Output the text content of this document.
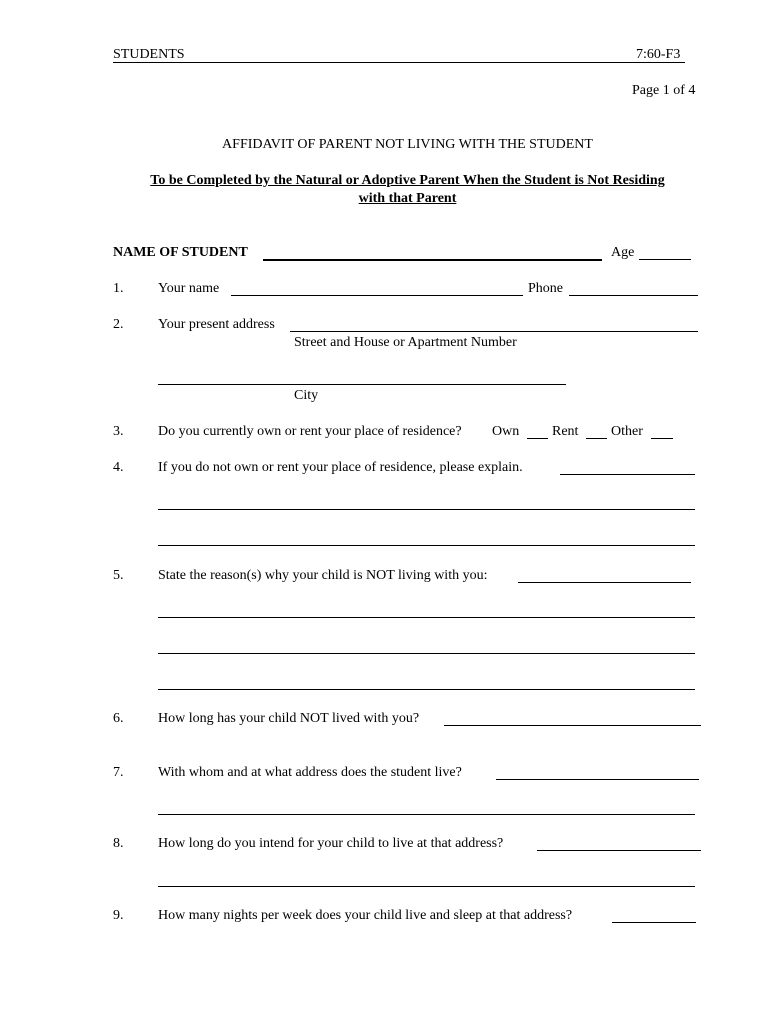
STUDENTS	7:60-F3
Page 1 of 4
AFFIDAVIT OF PARENT NOT LIVING WITH THE STUDENT
To be Completed by the Natural or Adoptive Parent When the Student is Not Residing
with that Parent
NAME OF STUDENT	Age
1. Your name	Phone
2. Your present address
Street and House or Apartment Number
City
3. Do you currently own or rent your place of residence? Own Rent Other
4. If you do not own or rent your place of residence, please explain.
5. State the reason(s) why your child is NOT living with you:
6. How long has your child NOT lived with you?
7. With whom and at what address does the student live?
8. How long do you intend for your child to live at that address?
9. How many nights per week does your child live and sleep at that address?
